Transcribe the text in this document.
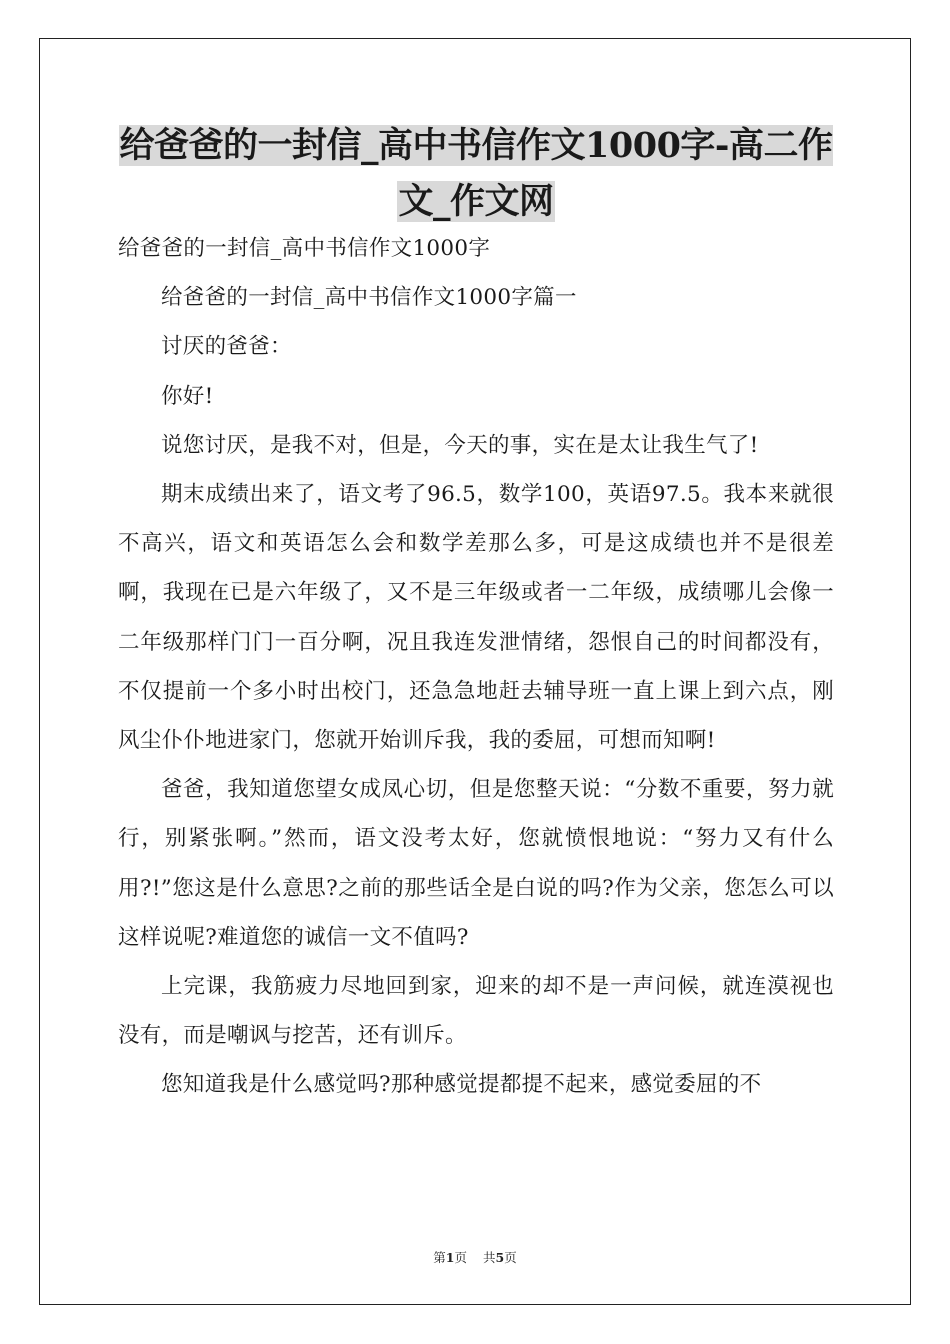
给爸爸的一封信_高中书信作文1000字-高二作
文_作文网

给爸爸的一封信_高中书信作文1000字

给爸爸的一封信_高中书信作文1000字篇一

讨厌的爸爸：

你好!

说您讨厌，是我不对，但是，今天的事，实在是太让我生气了!

期末成绩出来了，语文考了96.5，数学100，英语97.5。我本来就很不高兴，语文和英语怎么会和数学差那么多，可是这成绩也并不是很差啊，我现在已是六年级了，又不是三年级或者一二年级，成绩哪儿会像一二年级那样门门一百分啊，况且我连发泄情绪，怨恨自己的时间都没有，不仅提前一个多小时出校门，还急急地赶去辅导班一直上课上到六点，刚风尘仆仆地进家门，您就开始训斥我，我的委屈，可想而知啊!

爸爸，我知道您望女成凤心切，但是您整天说：“分数不重要，努力就行，别紧张啊。”然而，语文没考太好，您就愤恨地说：“努力又有什么用?!”您这是什么意思?之前的那些话全是白说的吗?作为父亲，您怎么可以这样说呢?难道您的诚信一文不值吗?

上完课，我筋疲力尽地回到家，迎来的却不是一声问候，就连漠视也没有，而是嘲讽与挖苦，还有训斥。

您知道我是什么感觉吗?那种感觉提都提不起来，感觉委屈的不

第1页 共5页
